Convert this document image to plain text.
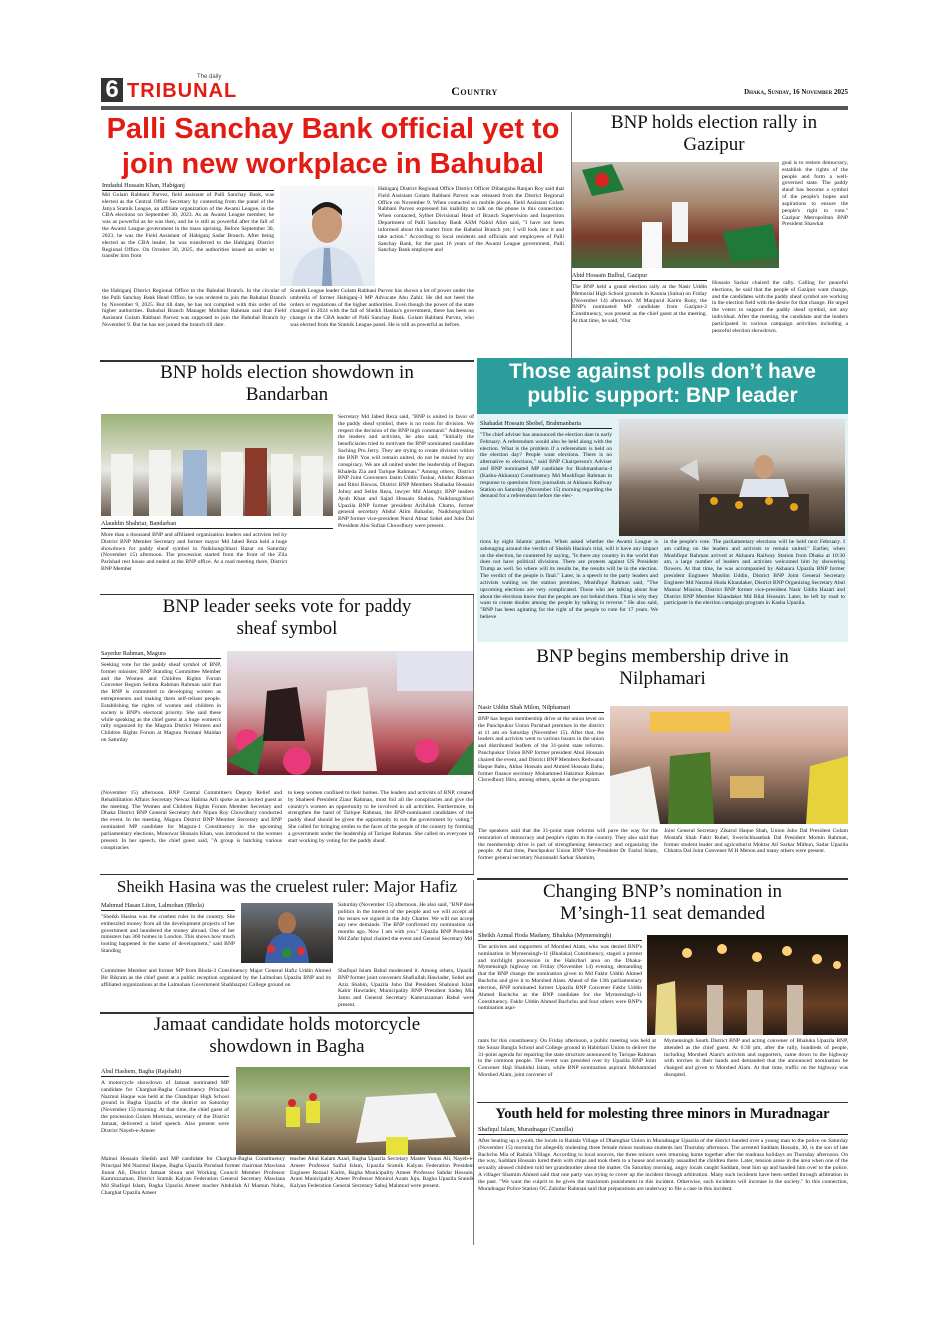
6 TRIBUNAL
The daily
Country	Dhaka, Sunday, 16 November 2025
Palli Sanchay Bank official yet to join new workplace in Bahubal
Imdadul Hussain Khan, Habiganj
Md Golam Rabbani Parvez, field assistant of Palli Sanchay Bank, was elected as the Central Office Secretary by contesting from the panel of the Jatiya Sramik League, an affiliate organization of the Awami League, in the CBA elections on September 30, 2023. As an Awami League member, he was as powerful as he was then, and he is still as powerful after the fall of the Awami League government in the mass uprising. Before September 30, 2023, he was the Field Assistant of Habiganj Sadar Branch. After being elected as the CBA leader, he was transferred to the Habiganj District Regional Office. On October 30, 2025, the authorities issued an order to transfer him from
the Habiganj District Regional Office to the Bahubal Branch. In the circular of the Palli Sanchay Bank Head Office, he was ordered to join the Bahubal Branch by November 9, 2025. But till date, he has not complied with this order of the higher authorities. Bahubal Branch Manager Mohibur Rahman said that Field Assistant Golam Rabbani Parvez was supposed to join the Bahubal Branch by November 9. But he has not joined the branch till date.
Habiganj District Regional Office District Officer Dibangshu Ranjan Roy said that Field Assistant Golam Rabbani Parvez was released from the District Regional Office on November 9. When contacted on mobile phone, Field Assistant Golam Rabbani Parvez expressed his inability to talk on the phone in this connection. When contacted, Sylhet Divisional Head of Branch Supervision and Inspection Department of Palli Sanchay Bank ASM Nahid Alim said, "I have not been informed about this matter from the Bahubal Branch yet; I will look into it and take action." According to local residents and officials and employees of Palli Sanchay Bank, for the past 16 years of the Awami League government, Palli Sanchay Bank employee and
Sramik League leader Golam Rabbani Parvez has shown a lot of power under the umbrella of former Habiganj-3 MP Advocate Abu Zahir. He did not heed the orders or regulations of the higher authorities. Even though the power of the state changed in 2024 with the fall of Sheikh Hasina's government, there has been no change in the CBA leader of Palli Sanchay Bank. Golam Rabbani Parvez, who was elected from the Sramik League panel. He is still as powerful as before.
BNP holds election rally in Gazipur
Abid Hossain Bulbul, Gazipur
The BNP held a grand election rally at the Nasir Uddin Memorial High School grounds in Kaunia (Salna) on Friday (November 14) afternoon. M Manjurul Karim Rony, the BNP's nominated MP candidate from Gazipur-2 Constituency, was present as the chief guest at the meeting. At that time, he said, "Our
goal is to restore democracy, establish the rights of the people and form a well-governed state. The paddy sheaf has become a symbol of the people's hopes and aspirations to ensure the people's right to vote." Gazipur Metropolitan BNP President Shawkat
Hossain Sarkar chaired the rally. Calling for peaceful elections, he said that the people of Gazipur want change, and the candidates with the paddy sheaf symbol are working in the election field with the desire for that change. He urged the voters to support the paddy sheaf symbol, not any individual. After the meeting, the candidate and the leaders participated in various campaign activities including a peaceful election showdown.
BNP holds election showdown in Bandarban
Alauddin Shahriar, Bandarban
More than a thousand BNP and affiliated organization leaders and activists led by District BNP Member Secretary and former mayor Md Jabed Reza held a huge showdown for paddy sheaf symbol in Naikhongchhari Bazar on Saturday (November 15) afternoon. The procession started from the front of the Zila Parishad rest house and ended at the BNP office. At a road meeting there, District BNP Member
Secretary Md Jabed Reza said, "BNP is united in favor of the paddy sheaf symbol, there is no room for division. We respect the decision of the BNP high command." Addressing the leaders and activists, he also said, "Initially the beneficiaries tried to motivate the BNP nominated candidate Saching Pru Jerry. They are trying to create division within the BNP. You will remain united, do not be misled by any conspiracy. We are all united under the leadership of Begum Khaleda Zia and Tarique Rahman." Among others, District BNP Joint Conveners Jasim Uddin Tushar, Abidur Rahman and Ritol Biswas, District BNP Members Shahadat Hossain Johny and Selim Reza, lawyer Md Alamgir, BNP leaders Ayub Khan and Sajad Hossain Shahin, Naikhongchhari Upazila BNP former president Arifullah Chutto, former general secretary Abdul Alim Bahadur, Naikhongchhari BNP former vice-president Nurul Absar Sohel and Jubo Dal President Abu Sufian Chowdhury were present.
Those against polls don’t have public support: BNP leader
Shahadat Hossain Shobel, Brahmanbaria
"The chief adviser has announced the election date in early February. A referendum would also be held along with the election. What is the problem if a referendum is held on the election day? People want elections. There is no alternative to elections," said BNP Chairperson's Adviser and BNP nominated MP candidate for Brahmanbaria-4 (Kasba-Akhaura) Constituency Md Mushfiqur Rahman in response to questions from journalists at Akhaura Railway Station on Saturday (November 15) morning regarding the demand for a referendum before the elec-
tions by eight Islamic parties. When asked whether the Awami League is sabotaging around the verdict of Sheikh Hasina's trial, will it have any impact on the election, he countered by saying, "Is there any country in the world that does not have political divisions. There are protests against US President Trump as well. So where will its results be, the results will be in the election. The verdict of the people is final." Later, in a speech to the party leaders and activists waiting on the station premises, Mushfiqur Rahman said, "The upcoming elections are very complicated. Those who are talking about fear about the elections know that the people are not behind them. That is why they want to create doubts among the people by talking in reverse." He also said, "BNP has been agitating for the right of the people to vote for 17 years. We believe
in the people's vote. The parliamentary elections will be held next February. I am calling on the leaders and activists to remain united." Earlier, when Mushfiqur Rahman arrived at Akhaura Railway Station from Dhaka at 10:30 am, a large number of leaders and activists welcomed him by showering flowers. At that time, he was accompanied by Akhaura Upazila BNP former president Engineer Muslim Uddin, District BNP Joint General Secretary Engineer Md Nazmul Huda Khandaker, District BNP Organizing Secretary Abul Mansur Mission, District BNP former vice-president Nasir Uddin Hazari and District BNP Member Khandaker Md Bilal Hossain. Later, he left by road to participate in the election campaign program in Kasba Upazila.
BNP leader seeks vote for paddy sheaf symbol
Sayedur Rahman, Magura
Seeking vote for the paddy sheaf symbol of BNP, former minister, BNP Standing Committee Member and the Women and Children Rights Forum Convener Begum Selima Rahman Rahman said that the BNP is committed to developing women as entrepreneurs and making them self-reliant people. Establishing the rights of women and children in society is BNP's electoral priority. She said these while speaking as the chief guest at a huge women's rally organized by the Magura District Women and Children Rights Forum at Magura Nomani Maidan on Saturday
(November 15) afternoon. BNP Central Committee's Deputy Relief and Rehabilitation Affairs Secretary Newaz Halima Arli spoke as an invited guest at the meeting. The Women and Children Rights Forum Member Secretary and Dhaka District BNP General Secretary Adv Nipun Roy Chowdhury conducted the event. In the meeting, Magura District BNP Member Secretary and BNP nominated MP candidate for Magura-1 Constituency in the upcoming parliamentary elections, Monowar Hossain Khan, was introduced to the women present. In her speech, the chief guest said, "A group is hatching various conspiracies
to keep women confined to their homes. The leaders and activists of BNP, created by Shaheed President Ziaur Rahman, must foil all the conspiracies and give the country's women an opportunity to be involved in all activities. Furthermore, to strengthen the hand of Tarique Rahman, the BNP-nominated candidates of the paddy sheaf should be given the opportunity to run the government by voting." She called for bringing smiles to the faces of the people of the country by forming a government under the leadership of Tarique Rahman. She called on everyone to start working by voting for the paddy sheaf.
BNP begins membership drive in Nilphamari
Nasir Uddin Shah Milon, Nilphamari
BNP has begun membership drive at the union level on the Panchpukur Union Parishad premises in the district at 11 am on Saturday (November 15). After that, the leaders and activists went to various bazars in the union and distributed leaflets of the 31-point state reforms. Panchpukur Union BNP former president Abul Hossain chaired the event, and District BNP Members Redwanul Haque Babu, Akbar Hossain and Ahmed Hossain Babu, former finance secretary Mohammed Hakimur Rahman Chowdhury Hiru, among others, spoke at the program.
The speakers said that the 31-point state reforms will pave the way for the restoration of democracy and people's rights in the country. They also said that the membership drive is part of strengthening democracy and organizing the people. At that time, Panchpukur Union BNP Vice-President Dr Fazlul Islam, former general secretary Nurunnabi Sarkar Shamim,
Joint General Secretary Zikarul Haque Shah, Union Jubo Dal President Golam Mostafa Shah Fakir Rubel, Swechchhasebak Dal President Momin Rahman, former student leader and agriculturist Moktar Ali Sarkar Mithun, Sadar Upazila Chhatra Dal Joint Convener M H Menon and many others were present.
Sheikh Hasina was the cruelest ruler: Major Hafiz
Mahmud Hasan Liton, Lalmohan (Bhola)
"Sheikh Hasina was the cruelest ruler in the country. She embezzled money from all the development projects of her government and laundered the money abroad. One of her ministers has 360 homes in London. This shows how much looting happened in the name of development," said BNP Standing
Committee Member and former MP from Bhola-3 Constituency Major General Hafiz Uddin Ahmed Bir Bikram as the chief guest at a public reception organized by the Lalmohan Upazila BNP and its affiliated organizations at the Lalmohan Government Shahbazpur College ground on
Saturday (November 15) afternoon. He also said, "BNP does politics in the interest of the people and we will accept all the issues we signed in the July Charter. We will not accept any new demands. The BNP confirmed my nomination six months ago. Now I am with you." Upazila BNP President Md Zafar Iqbal chaired the event and General Secretary Md
Shafiqul Islam Babul moderated it. Among others, Upazila BNP former joint conveners Shafiullah Hawlader, Sohel and Aziz Shahin, Upazila Jubo Dal President Shahinul Islam Kabir Hawlader, Municipality BNP President Sadeq Mia Jantu and General Secretary Kamruzzaman Babul were present.
Changing BNP’s nomination in M’singh-11 seat demanded
Sheikh Azmal Hoda Madany, Bhaluka (Mymensingh)
The activists and supporters of Morshed Alam, who was denied BNP's nomination in Mymensingh-11 (Bhaluka) Constituency, staged a protest and torchlight procession in the Habirbari area on the Dhaka-Mymensingh highway on Friday (November 14) evening, demanding that the BNP change the nomination given to Md Fakhr Uddin Ahmed Bachchu and give it to Morshed Alam. Ahead of the 13th parliamentary election, BNP nominated former Upazila BNP Convener Fakhr Uddin Ahmed Bachchu as the BNP candidate for the Mymensingh-11 Constituency. Fakhr Uddin Ahmed Bachchu and four others were BNP's nomination aspi-
rants for this constituency. On Friday afternoon, a public meeting was held at the Sonar Bangla School and College ground in Habirbari Union to deliver the 31-point agenda for repairing the state structure announced by Tarique Rahman to the common people. The event was presided over by Upazila BNP Joint Convener Haji Shahidul Islam, while BNP nomination aspirant Mohammad Morshed Alam, joint convener of
Mymensingh South District BNP and acting convener of Bhaluka Upazila BNP, attended as the chief guest. At 6:30 pm, after the rally, hundreds of people, including Morshed Alam's activists and supporters, came down to the highway with torches in their hands and demanded that the announced nomination be changed and given to Morshed Alam. At that time, traffic on the highway was disrupted.
Jamaat candidate holds motorcycle showdown in Bagha
Abul Hashem, Bagha (Rajshahi)
A motorcycle showdown of Jamaat nominated MP candidate for Charghat-Bagha Constituency Principal Nazmul Haque was held at the Chandipur High School ground in Bagha Upazila of the district on Saturday (November 15) morning. At that time, the chief guest of the procession Golam Mortuza, secretary of the District Jamaat, delivered a brief speech. Also present were District Nayeb-e-Ameer
Mainul Hossain Sheikh and MP candidate for Charghat-Bagha Constituency Principal Md Nazmul Haque, Bagha Upazila Parishad former chairman Mawlana Jinnat Ali, District Jamaat Shura and Working Council Member Professor Kamruzzaman, District Sramik Kalyan Federation General Secretary Mawlana Md Shafiqul Islam, Bagha Upazila Ameer teacher Abdullah Al Mamun Nuhu, Charghat Upazila Ameer
teacher Abul Kalam Azad, Bagha Upazila Secretary Master Yunus Ali, Nayeb-e-Ameer Professor Saiful Islam, Upazila Sramik Kalyan Federation President Engineer Rezaul Karim, Bagha Municipality Ameer Professor Sabdar Hossain, Arani Municipality Ameer Professor Monirul Azam Juju, Bagha Upazila Sramik Kalyan Federation General Secretary Sabuj Mahmud were present.
Youth held for molesting three minors in Muradnagar
Shafiqul Islam, Muradnagar (Cumilla)
After beating up a youth, the locals in Raitala Village of Dhamghar Union in Muradnagar Upazila of the district handed over a young man to the police on Saturday (November 15) morning for allegedly molesting three female minor madrasa students last Thursday afternoon. The arrested Saddam Hossain, 30, is the son of late Bachchu Mia of Raitala Village. According to local sources, the three minors were returning home together after the madrasa holidays on Thursday afternoon. On the way, Saddam Hossain lured them with chips and took them to a house and sexually assaulted the children there. Later, tension arose in the area when one of the sexually abused children told her grandmother about the matter. On Saturday morning, angry locals caught Saddam, beat him up and handed him over to the police. A villager Shamim Ahmed said that one party was trying to cover up the incident through arbitration. Many such incidents have been settled through arbitration in the past. "We want the culprit to be given the maximum punishment in this incident. Otherwise, such incidents will increase in the society." In this connection, Muradnagar Police Station OC Zahidur Rahman said that preparations are underway to file a case in this incident.
